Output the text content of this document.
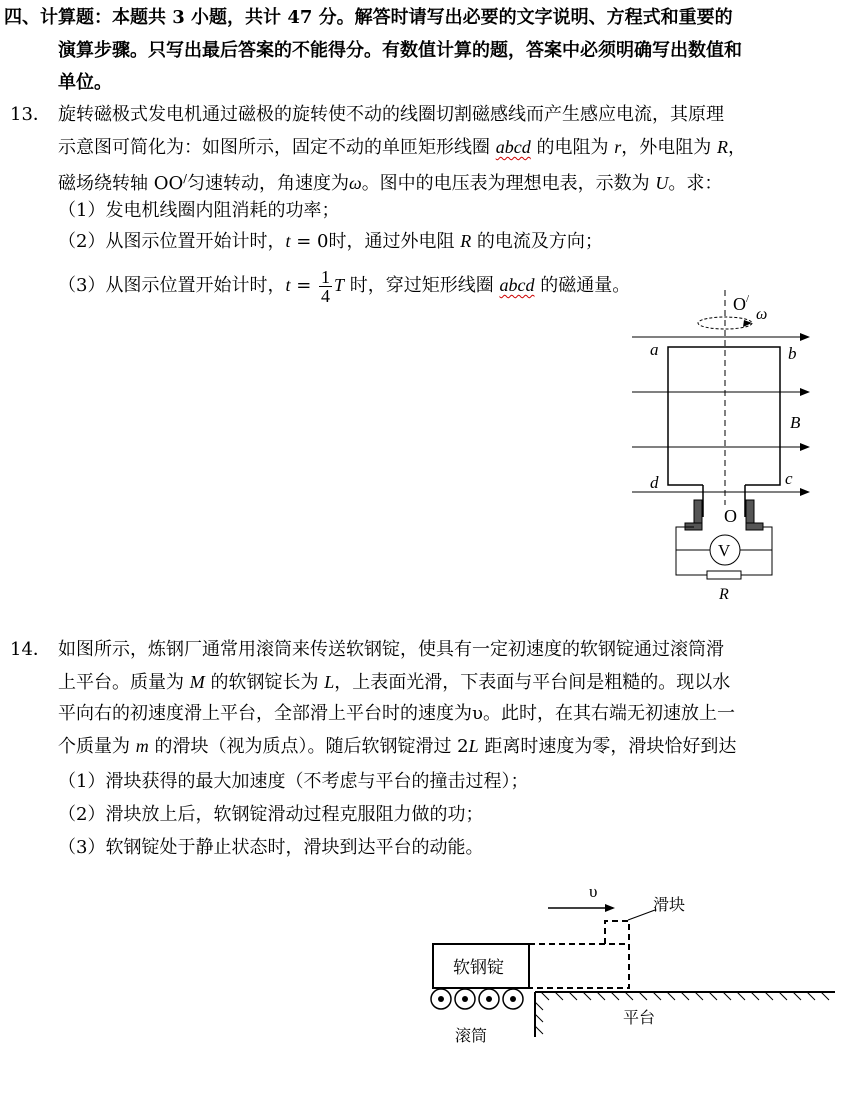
四、计算题：本题共 3 小题，共计 47 分。解答时请写出必要的文字说明、方程式和重要的
演算步骤。只写出最后答案的不能得分。有数值计算的题，答案中必须明确写出数值和
单位。
13． 旋转磁极式发电机通过磁极的旋转使不动的线圈切割磁感线而产生感应电流，其原理
示意图可简化为：如图所示，固定不动的单匝矩形线圈 abcd 的电阻为 r，外电阻为 R，
磁场绕转轴 OO/匀速转动，角速度为ω。图中的电压表为理想电表，示数为 U。求：
（1）发电机线圈内阻消耗的功率；
（2）从图示位置开始计时，t = 0时，通过外电阻 R 的电流及方向；
（3）从图示位置开始计时，$t = \frac{1}{4}$ T 时，穿过矩形线圈 abcd 的磁通量。
O/
ω
a	b
B
d	c
O
V
R
14． 如图所示，炼钢厂通常用滚筒来传送软钢锭，使具有一定初速度的软钢锭通过滚筒滑
上平台。质量为 M 的软钢锭长为 L，上表面光滑，下表面与平台间是粗糙的。现以水
平向右的初速度滑上平台，全部滑上平台时的速度为υ。此时，在其右端无初速放上一
个质量为 m 的滑块（视为质点）。随后软钢锭滑过 2L 距离时速度为零，滑块恰好到达
（1）滑块获得的最大加速度（不考虑与平台的撞击过程）；
（2）滑块放上后，软钢锭滑动过程克服阻力做的功；
（3）软钢锭处于静止状态时，滑块到达平台的动能。
υ
滑块
软钢锭
滚筒
平台
